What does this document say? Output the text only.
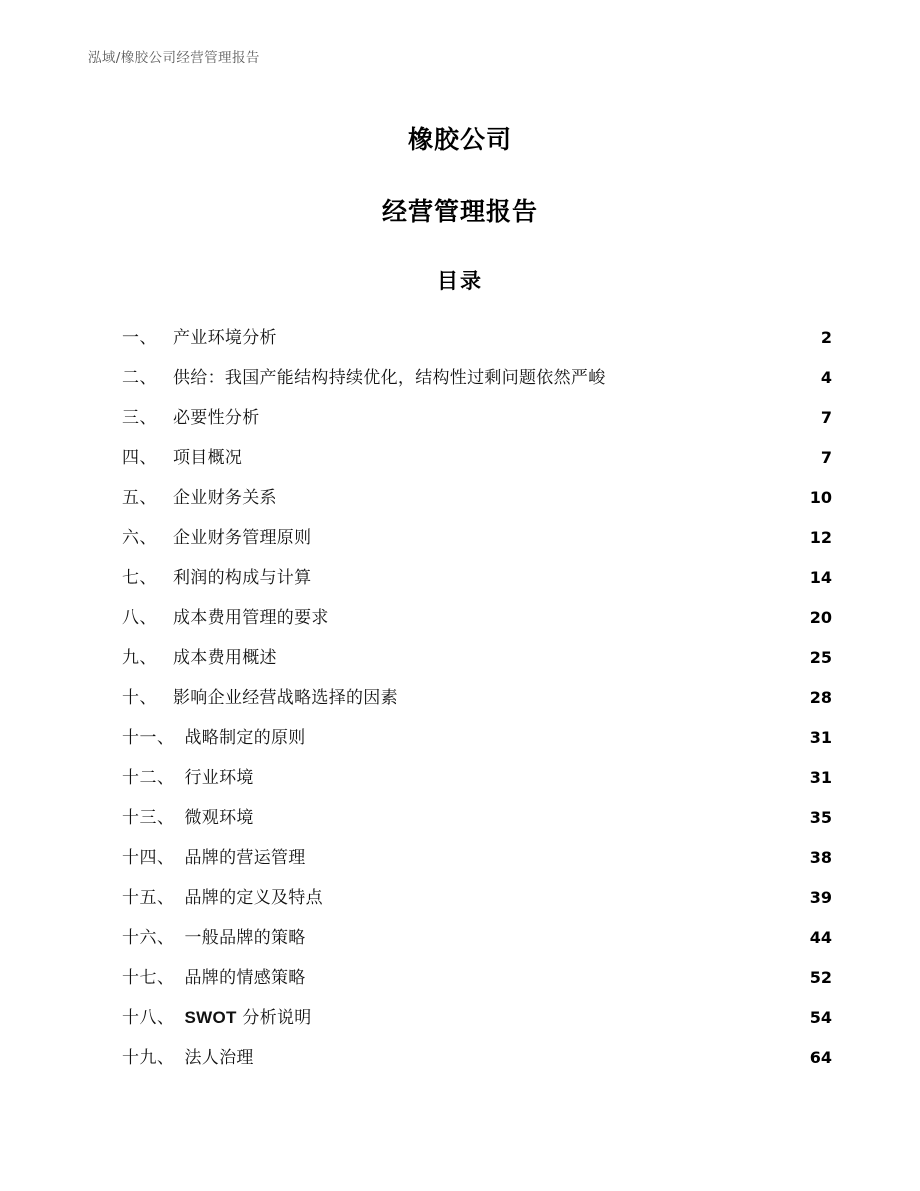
泓域/橡胶公司经营管理报告
橡胶公司
经营管理报告
目录
一、 产业环境分析 .....	2
二、 供给：我国产能结构持续优化，结构性过剩问题依然严峻 .....	4
三、 必要性分析 .....	7
四、 项目概况 .....	7
五、 企业财务关系 .....	10
六、 企业财务管理原则 .....	12
七、 利润的构成与计算 .....	14
八、 成本费用管理的要求 .....	20
九、 成本费用概述 .....	25
十、 影响企业经营战略选择的因素 .....	28
十一、 战略制定的原则 .....	31
十二、 行业环境 .....	31
十三、 微观环境 .....	35
十四、 品牌的营运管理 .....	38
十五、 品牌的定义及特点 .....	39
十六、 一般品牌的策略 .....	44
十七、 品牌的情感策略 .....	52
十八、 SWOT 分析说明 .....	54
十九、 法人治理 .....	64
